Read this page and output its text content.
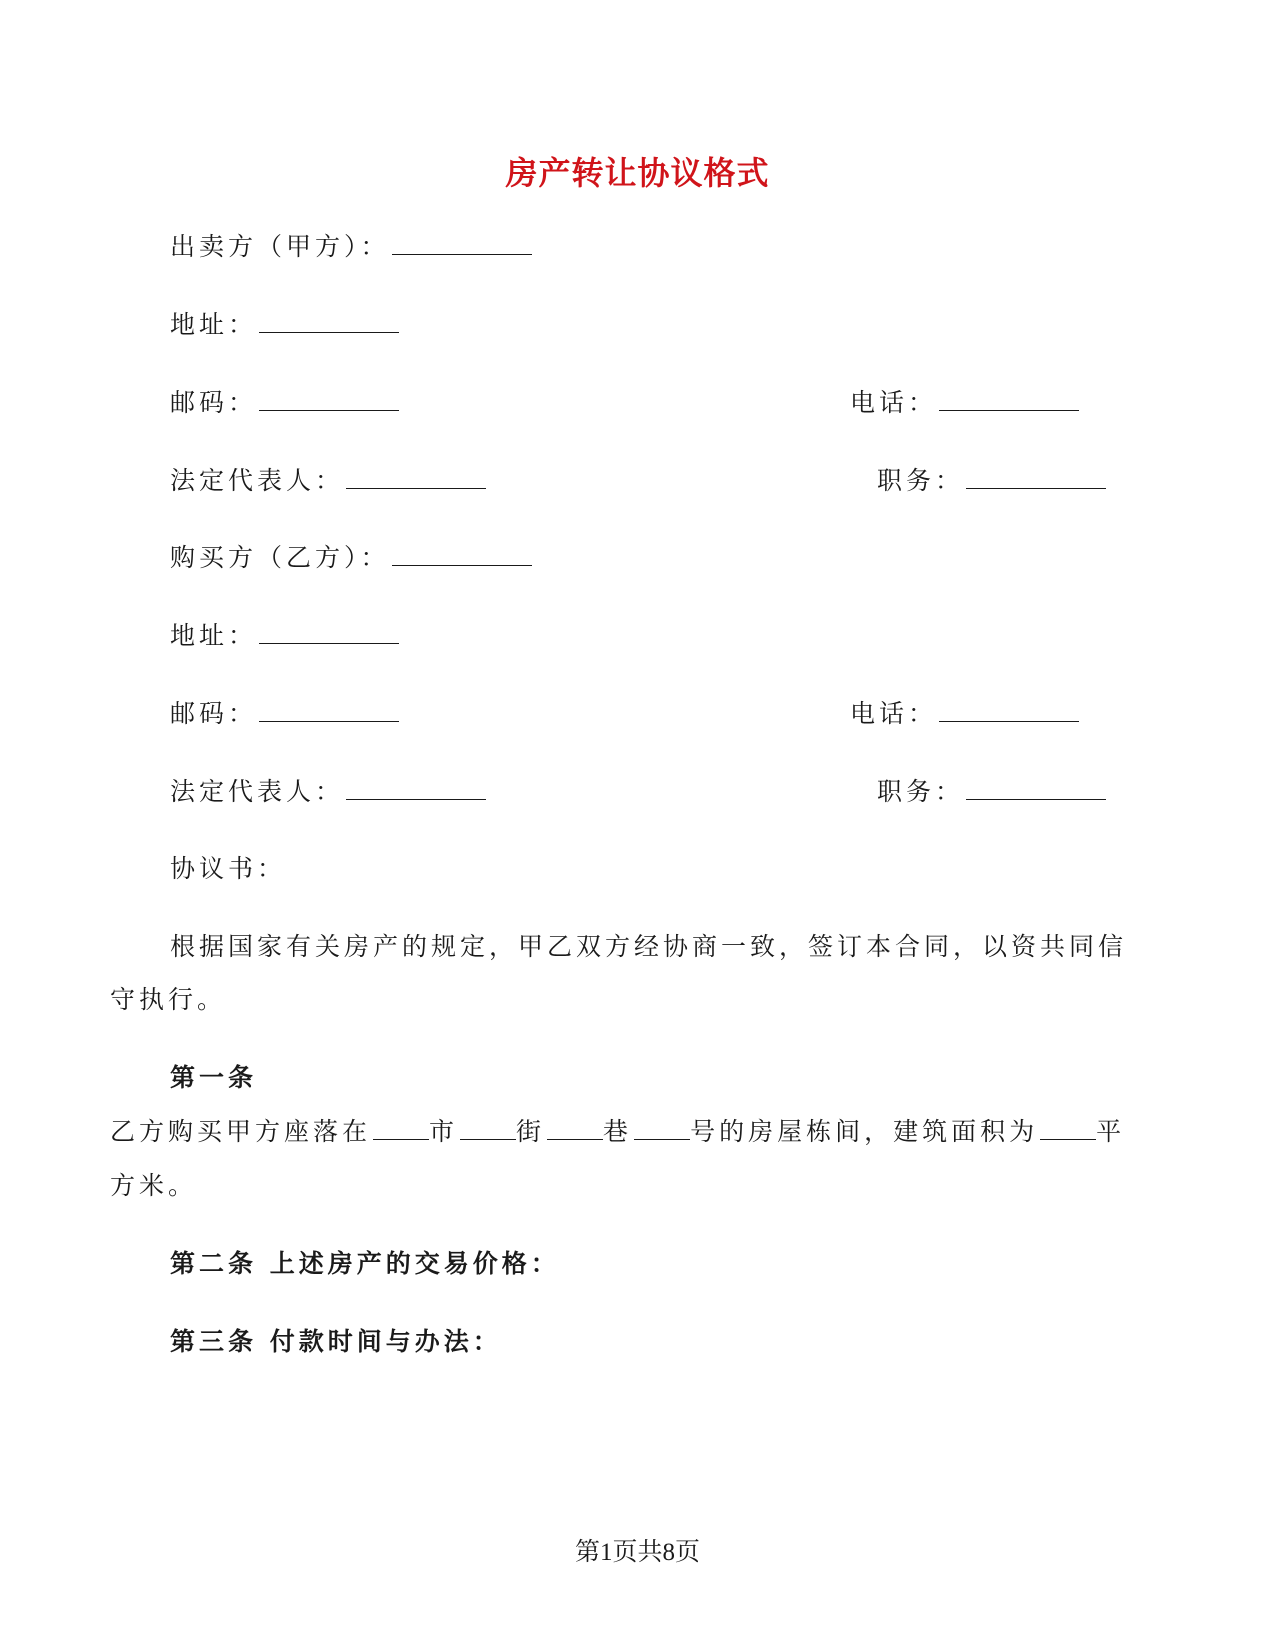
房产转让协议格式
出卖方（甲方）：
地址：
邮码：	电话：
法定代表人：	职务：
购买方（乙方）：
地址：
邮码：	电话：
法定代表人：	职务：
协议书：
根据国家有关房产的规定，甲乙双方经协商一致，签订本合同，以资共同信
守执行。
第一条
乙方购买甲方座落在 市 街 巷 号的房屋栋间，建筑面积为 平
方米。
第二条 上述房产的交易价格：
第三条 付款时间与办法：
第1页共8页
